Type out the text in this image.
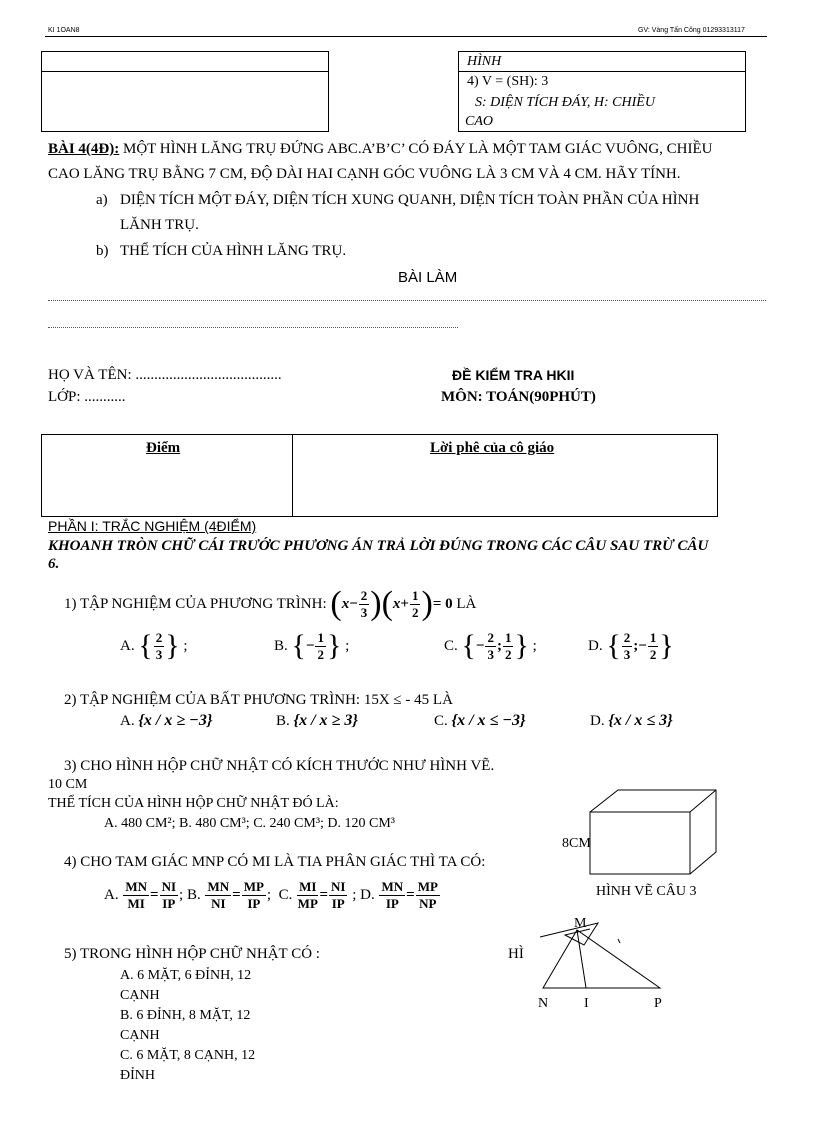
KI 1OAN8	GV: Vàng Tấn Công 01293313117
HÌNH
4) V = (SH): 3
S: DIỆN TÍCH ĐÁY, H: CHIỀU
CAO
BÀI 4(4Đ): MỘT HÌNH LĂNG TRỤ ĐỨNG ABC.A’B’C’ CÓ ĐÁY LÀ MỘT TAM GIÁC VUÔNG, CHIỀU
CAO LĂNG TRỤ BẰNG 7 CM, ĐỘ DÀI HAI CẠNH GÓC VUÔNG LÀ 3 CM VÀ 4 CM. HÃY TÍNH.
a) DIỆN TÍCH MỘT ĐÁY, DIỆN TÍCH XUNG QUANH, DIỆN TÍCH TOÀN PHẦN CỦA HÌNH
LĂNH TRỤ.
b) THỂ TÍCH CỦA HÌNH LĂNG TRỤ.
BÀI LÀM
HỌ VÀ TÊN: .......................................
LỚP: ...........
ĐỀ KIỂM TRA HKII
MÔN: TOÁN(90PHÚT)
Điểm	Lời phê của cô giáo
PHẦN I: TRẮC NGHIỆM (4ĐIỂM)
KHOANH TRÒN CHỮ CÁI TRƯỚC PHƯƠNG ÁN TRẢ LỜI ĐÚNG TRONG CÁC CÂU SAU TRỪ CÂU
6.
1) TẬP NGHIỆM CỦA PHƯƠNG TRÌNH:
( $x - \frac{2}{3}$ )( $x + \frac{1}{2}$ ) = 0
LÀ
A.
{ $\frac{2}{3}$ }
;	B.
{ − $\frac{1}{2}$ }
;	C.
{ − $\frac{2}{3}$ ; $\frac{1}{2}$ }
;	D.
{ $\frac{2}{3}$ ; − $\frac{1}{2}$ }
2) TẬP NGHIỆM CỦA BẤT PHƯƠNG TRÌNH: 15X ≤ - 45 LÀ
A. {x / x ≥ −3}	B. {x / x ≥ 3}	C. {x / x ≤ −3}	D. {x / x ≤ 3}
3) CHO HÌNH HỘP CHỮ NHẬT CÓ KÍCH THƯỚC NHƯ HÌNH VẼ.
10 CM
THỂ TÍCH CỦA HÌNH HỘP CHỮ NHẬT ĐÓ LÀ:
A. 480 CM²; B. 480 CM³; C. 240 CM³; D. 120 CM³
8CM
HÌNH VẼ CÂU 3
4) CHO TAM GIÁC MNP CÓ MI LÀ TIA PHÂN GIÁC THÌ TA CÓ:
A. $\frac{MN}{MI} = \frac{NI}{IP}$ ;
B. $\frac{MN}{NI} = \frac{MP}{IP}$ ;
C. $\frac{MI}{MP} = \frac{NI}{IP}$ ;
D. $\frac{MN}{IP} = \frac{MP}{NP}$
5) TRONG HÌNH HỘP CHỮ NHẬT CÓ :
A. 6 MẶT, 6 ĐỈNH, 12
CẠNH
B. 6 ĐỈNH, 8 MẶT, 12
CẠNH
C. 6 MẶT, 8 CẠNH, 12
ĐỈNH
HÌ
M
N	I	P
